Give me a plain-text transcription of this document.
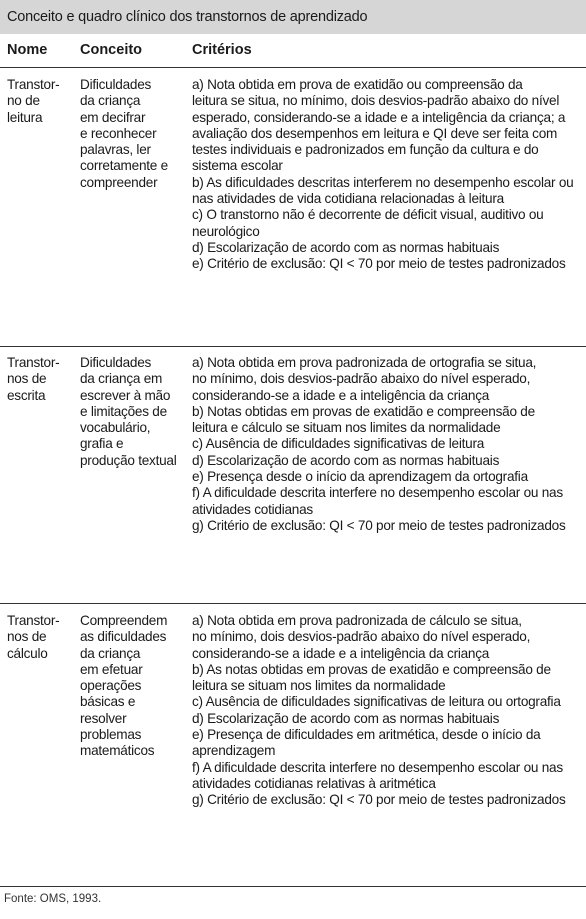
Conceito e quadro clínico dos transtornos de aprendizado
Nome Conceito	Critérios
Transtor-
no de
leitura
Dificuldades
da criança
em decifrar
e reconhecer
palavras, ler
corretamente e
compreender
a) Nota obtida em prova de exatidão ou compreensão da
leitura se situa, no mínimo, dois desvios-padrão abaixo do nível
esperado, considerando-se a idade e a inteligência da criança; a
avaliação dos desempenhos em leitura e QI deve ser feita com
testes individuais e padronizados em função da cultura e do
sistema escolar
b) As dificuldades descritas interferem no desempenho escolar ou
nas atividades de vida cotidiana relacionadas à leitura
c) O transtorno não é decorrente de déficit visual, auditivo ou
neurológico
d) Escolarização de acordo com as normas habituais
e) Critério de exclusão: QI < 70 por meio de testes padronizados
Transtor-
nos de
escrita
Dificuldades
da criança em
escrever à mão
e limitações de
vocabulário,
grafia e
produção textual
a) Nota obtida em prova padronizada de ortografia se situa,
no mínimo, dois desvios-padrão abaixo do nível esperado,
considerando-se a idade e a inteligência da criança
b) Notas obtidas em provas de exatidão e compreensão de
leitura e cálculo se situam nos limites da normalidade
c) Ausência de dificuldades significativas de leitura
d) Escolarização de acordo com as normas habituais
e) Presença desde o início da aprendizagem da ortografia
f) A dificuldade descrita interfere no desempenho escolar ou nas
atividades cotidianas
g) Critério de exclusão: QI < 70 por meio de testes padronizados
Transtor-
nos de
cálculo
Compreendem
as dificuldades
da criança
em efetuar
operações
básicas e
resolver
problemas
matemáticos
a) Nota obtida em prova padronizada de cálculo se situa,
no mínimo, dois desvios-padrão abaixo do nível esperado,
considerando-se a idade e a inteligência da criança
b) As notas obtidas em provas de exatidão e compreensão de
leitura se situam nos limites da normalidade
c) Ausência de dificuldades significativas de leitura ou ortografia
d) Escolarização de acordo com as normas habituais
e) Presença de dificuldades em aritmética, desde o início da
aprendizagem
f) A dificuldade descrita interfere no desempenho escolar ou nas
atividades cotidianas relativas à aritmética
g) Critério de exclusão: QI < 70 por meio de testes padronizados
Fonte: OMS, 1993.
